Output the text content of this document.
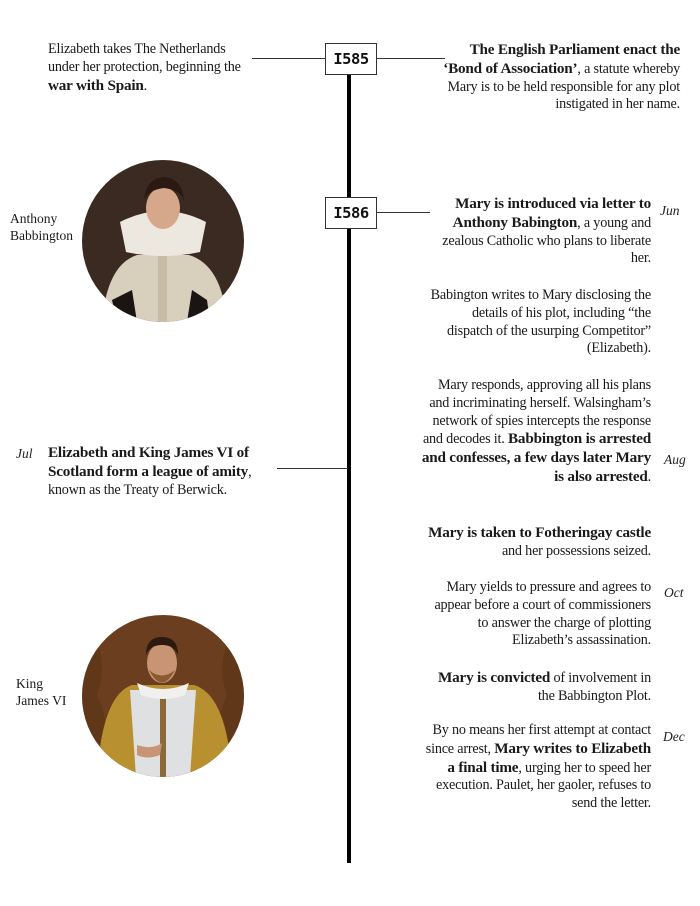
I585
Elizabeth takes The Netherlands under her protection, beginning the war with Spain.
The English Parliament enact the ‘Bond of Association’, a statute whereby Mary is to be held responsible for any plot instigated in her name.
Anthony
Babbington
I586
Mary is introduced via letter to Anthony Babington, a young and zealous Catholic who plans to liberate her.
Jun
Babington writes to Mary disclosing the details of his plot, including “the dispatch of the usurping Competitor” (Elizabeth).
Mary responds, approving all his plans and incriminating herself. Walsingham’s network of spies intercepts the response and decodes it. Babbington is arrested and confesses, a few days later Mary is also arrested.
Aug
Mary is taken to Fotheringay castle and her possessions seized.
Mary yields to pressure and agrees to appear before a court of commissioners to answer the charge of plotting Elizabeth’s assassination.
Oct
Mary is convicted of involvement in the Babbington Plot.
By no means her first attempt at contact since arrest, Mary writes to Elizabeth a final time, urging her to speed her execution. Paulet, her gaoler, refuses to send the letter.
Dec
Jul Elizabeth and King James VI of Scotland form a league of amity, known as the Treaty of Berwick.
King
James VI
